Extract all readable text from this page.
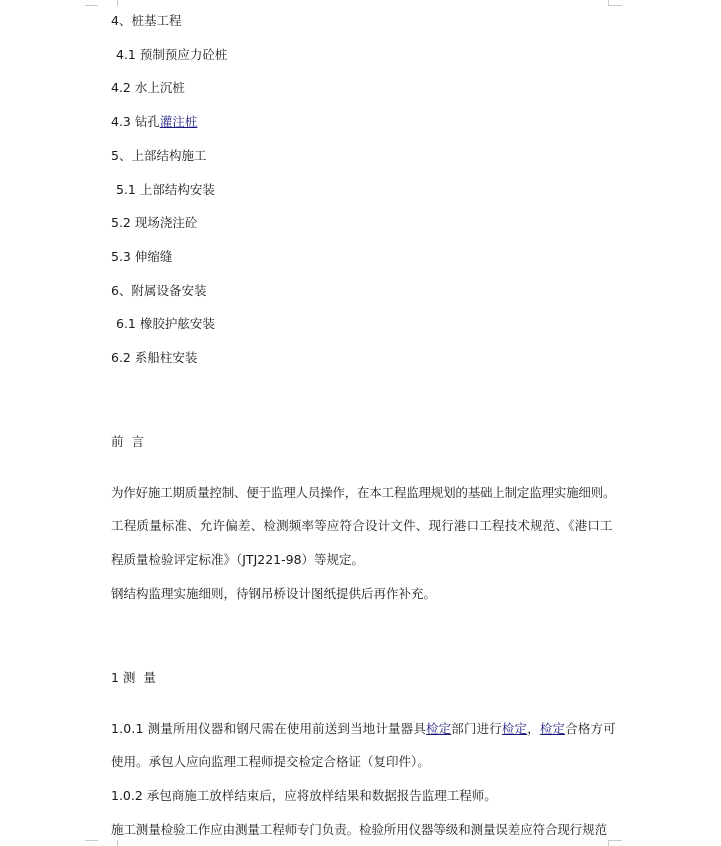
4、桩基工程
4.1 预制预应力砼桩
4.2 水上沉桩
4.3 钻孔灌注桩
5、上部结构施工
5.1 上部结构安装
5.2 现场浇注砼
5.3 伸缩缝
6、附属设备安装
6.1 橡胶护舷安装
6.2 系船柱安装
前  言
为作好施工期质量控制、便于监理人员操作，在本工程监理规划的基础上制定监理实施细则。
工程质量标准、允许偏差、检测频率等应符合设计文件、现行港口工程技术规范、《港口工
程质量检验评定标准》（JTJ221-98）等规定。
钢结构监理实施细则，待钢吊桥设计图纸提供后再作补充。
1 测  量
1.0.1 测量所用仪器和钢尺需在使用前送到当地计量器具检定部门进行检定，检定合格方可
使用。承包人应向监理工程师提交检定合格证（复印件）。
1.0.2 承包商施工放样结束后，应将放样结果和数据报告监理工程师。
施工测量检验工作应由测量工程师专门负责。检验所用仪器等级和测量误差应符合现行规范
